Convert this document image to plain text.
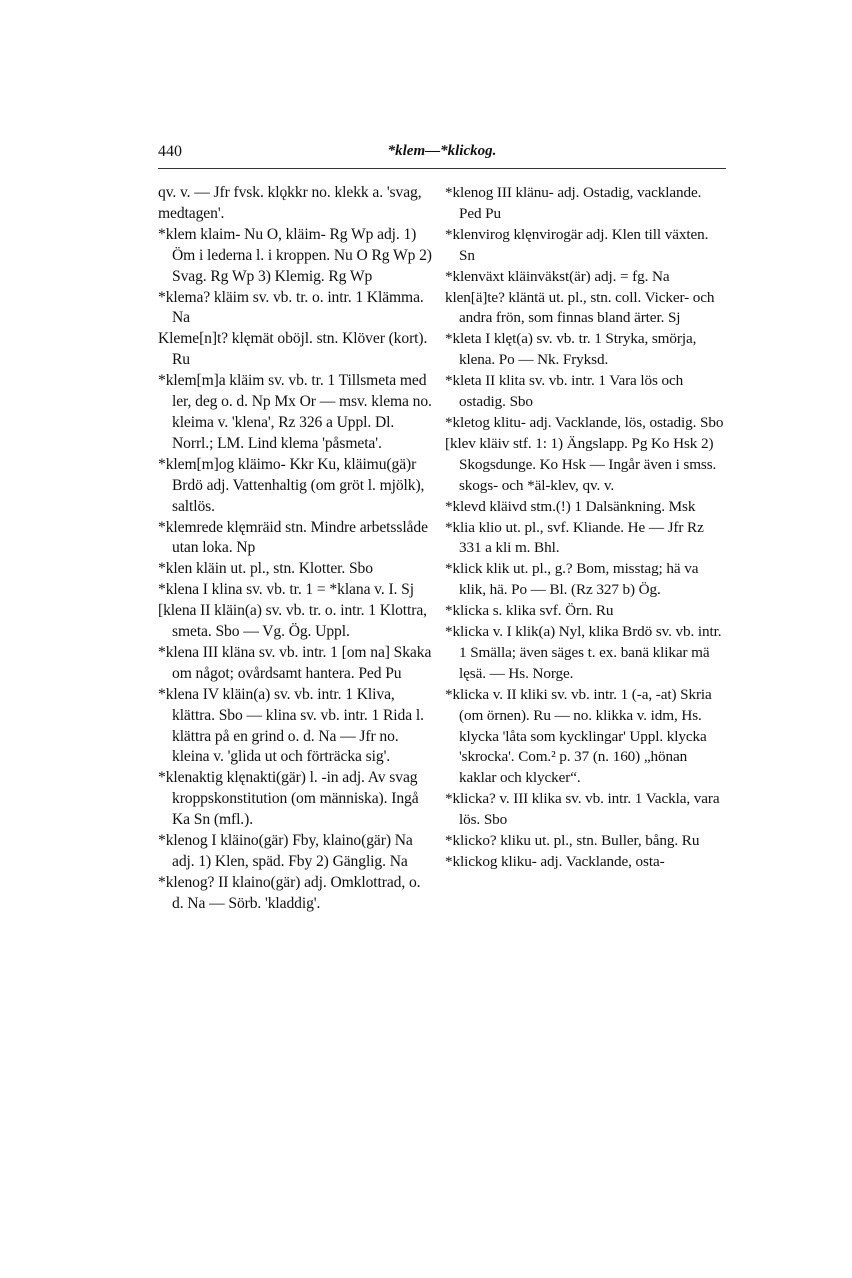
440	*klem—*klickog.

qv. v. — Jfr fvsk. klǫkkr no. klekk a. 'svag, medtagen'.

*klem klaim- Nu O, kläim- Rg Wp adj. 1) Öm i lederna l. i kroppen. Nu O Rg Wp 2) Svag. Rg Wp 3) Klemig. Rg Wp

*klema? kläim sv. vb. tr. o. intr. 1 Klämma. Na

Kleme[n]t? klęmät oböjl. stn. Klöver (kort). Ru

*klem[m]a kläim sv. vb. tr. 1 Tillsmeta med ler, deg o. d. Np Mx Or — msv. klema no. kleima v. 'klena', Rz 326 a Uppl. Dl. Norrl.; LM. Lind klema 'påsmeta'.

*klem[m]og kläimo- Kkr Ku, kläimu(gä)r Brdö adj. Vattenhaltig (om gröt l. mjölk), saltlös.

*klemrede klęmräid stn. Mindre arbetsslåde utan loka. Np

*klen kläin ut. pl., stn. Klotter. Sbo

*klena I klina sv. vb. tr. 1 = *klana v. I. Sj

[klena II kläin(a) sv. vb. tr. o. intr. 1 Klottra, smeta. Sbo — Vg. Ög. Uppl.

*klena III kläna sv. vb. intr. 1 [om na] Skaka om något; ovårdsamt hantera. Ped Pu

*klena IV kläin(a) sv. vb. intr. 1 Kliva, klättra. Sbo — klina sv. vb. intr. 1 Rida l. klättra på en grind o. d. Na — Jfr no. kleina v. 'glida ut och förträcka sig'.

*klenaktig klęnakti(gär) l. -in adj. Av svag kroppskonstitution (om människa). Ingå Ka Sn (mfl.).

*klenog I kläino(gär) Fby, klaino(gär) Na adj. 1) Klen, späd. Fby 2) Gänglig. Na

*klenog? II klaino(gär) adj. Omklottrad, o. d. Na — Sörb. 'kladdig'.

*klenog III klänu- adj. Ostadig, vacklande. Ped Pu

*klenvirog klęnvirogär adj. Klen till växten. Sn

*klenväxt kläinväkst(är) adj. = fg. Na

klen[ä]te? kläntä ut. pl., stn. coll. Vicker- och andra frön, som finnas bland ärter. Sj

*kleta I klęt(a) sv. vb. tr. 1 Stryka, smörja, klena. Po — Nk. Fryksd.

*kleta II klita sv. vb. intr. 1 Vara lös och ostadig. Sbo

*kletog klitu- adj. Vacklande, lös, ostadig. Sbo

[klev kläiv stf. 1: 1) Ängslapp. Pg Ko Hsk 2) Skogsdunge. Ko Hsk — Ingår även i smss. skogs- och *äl-klev, qv. v.

*klevd kläivd stm.(!) 1 Dalsänkning. Msk

*klia klio ut. pl., svf. Kliande. He — Jfr Rz 331 a kli m. Bhl.

*klick klik ut. pl., g.? Bom, misstag; hä va klik, hä. Po — Bl. (Rz 327 b) Ög.

*klicka s. klika svf. Örn. Ru

*klicka v. I klik(a) Nyl, klika Brdö sv. vb. intr. 1 Smälla; även säges t. ex. banä klikar mä lęsä. — Hs. Norge.

*klicka v. II kliki sv. vb. intr. 1 (-a, -at) Skria (om örnen). Ru — no. klikka v. idm, Hs. klycka 'låta som kycklingar' Uppl. klycka 'skrocka'. Com.² p. 37 (n. 160) „hönan kaklar och klycker“.

*klicka? v. III klika sv. vb. intr. 1 Vackla, vara lös. Sbo

*klicko? kliku ut. pl., stn. Buller, bång. Ru

*klickog kliku- adj. Vacklande, osta-
